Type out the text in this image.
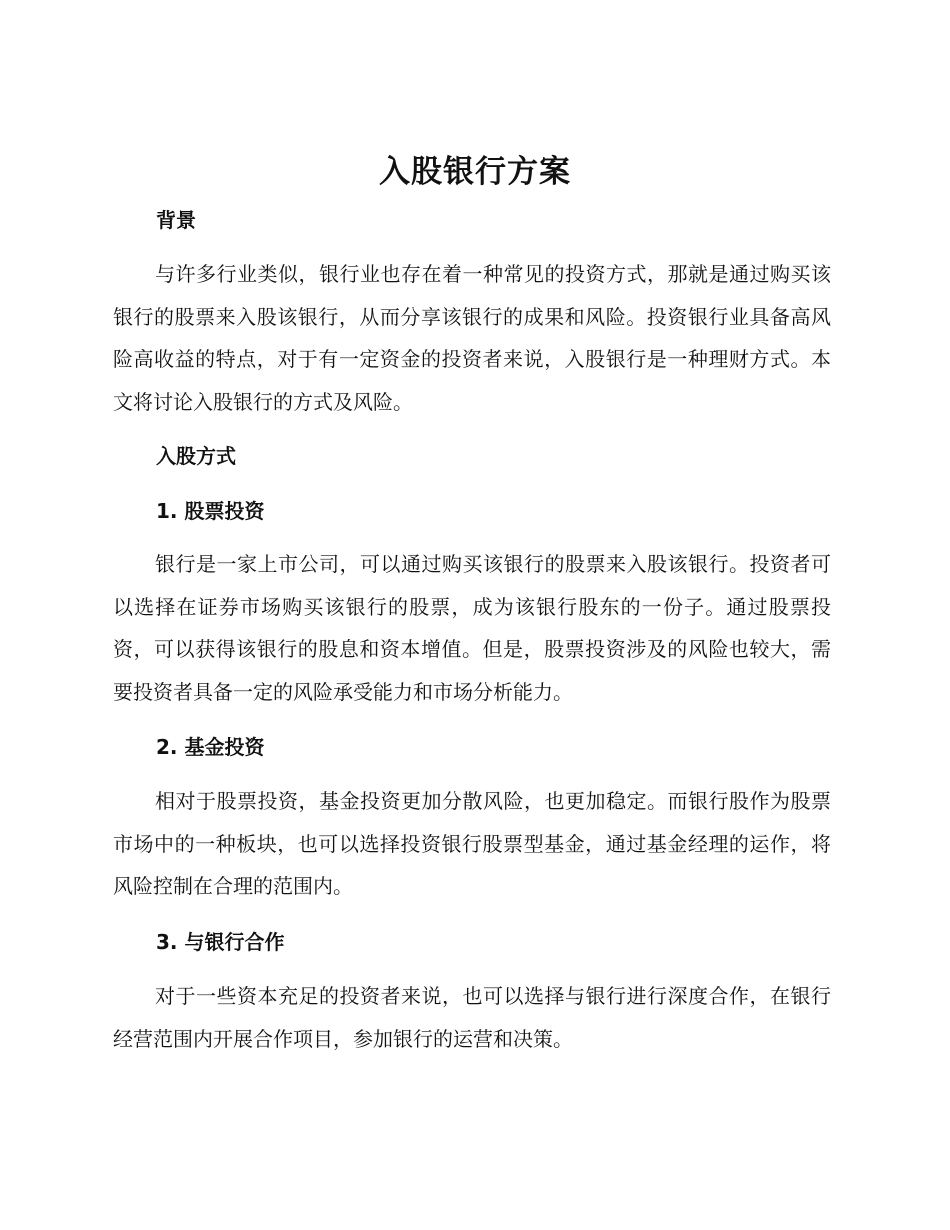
入股银行方案
背景

与许多行业类似，银行业也存在着一种常见的投资方式，那就是通过购买该银行的股票来入股该银行，从而分享该银行的成果和风险。投资银行业具备高风险高收益的特点，对于有一定资金的投资者来说，入股银行是一种理财方式。本文将讨论入股银行的方式及风险。

入股方式
1. 股票投资

银行是一家上市公司，可以通过购买该银行的股票来入股该银行。投资者可以选择在证券市场购买该银行的股票，成为该银行股东的一份子。通过股票投资，可以获得该银行的股息和资本增值。但是，股票投资涉及的风险也较大，需要投资者具备一定的风险承受能力和市场分析能力。

2. 基金投资

相对于股票投资，基金投资更加分散风险，也更加稳定。而银行股作为股票市场中的一种板块，也可以选择投资银行股票型基金，通过基金经理的运作，将风险控制在合理的范围内。

3. 与银行合作

对于一些资本充足的投资者来说，也可以选择与银行进行深度合作，在银行经营范围内开展合作项目，参加银行的运营和决策。
